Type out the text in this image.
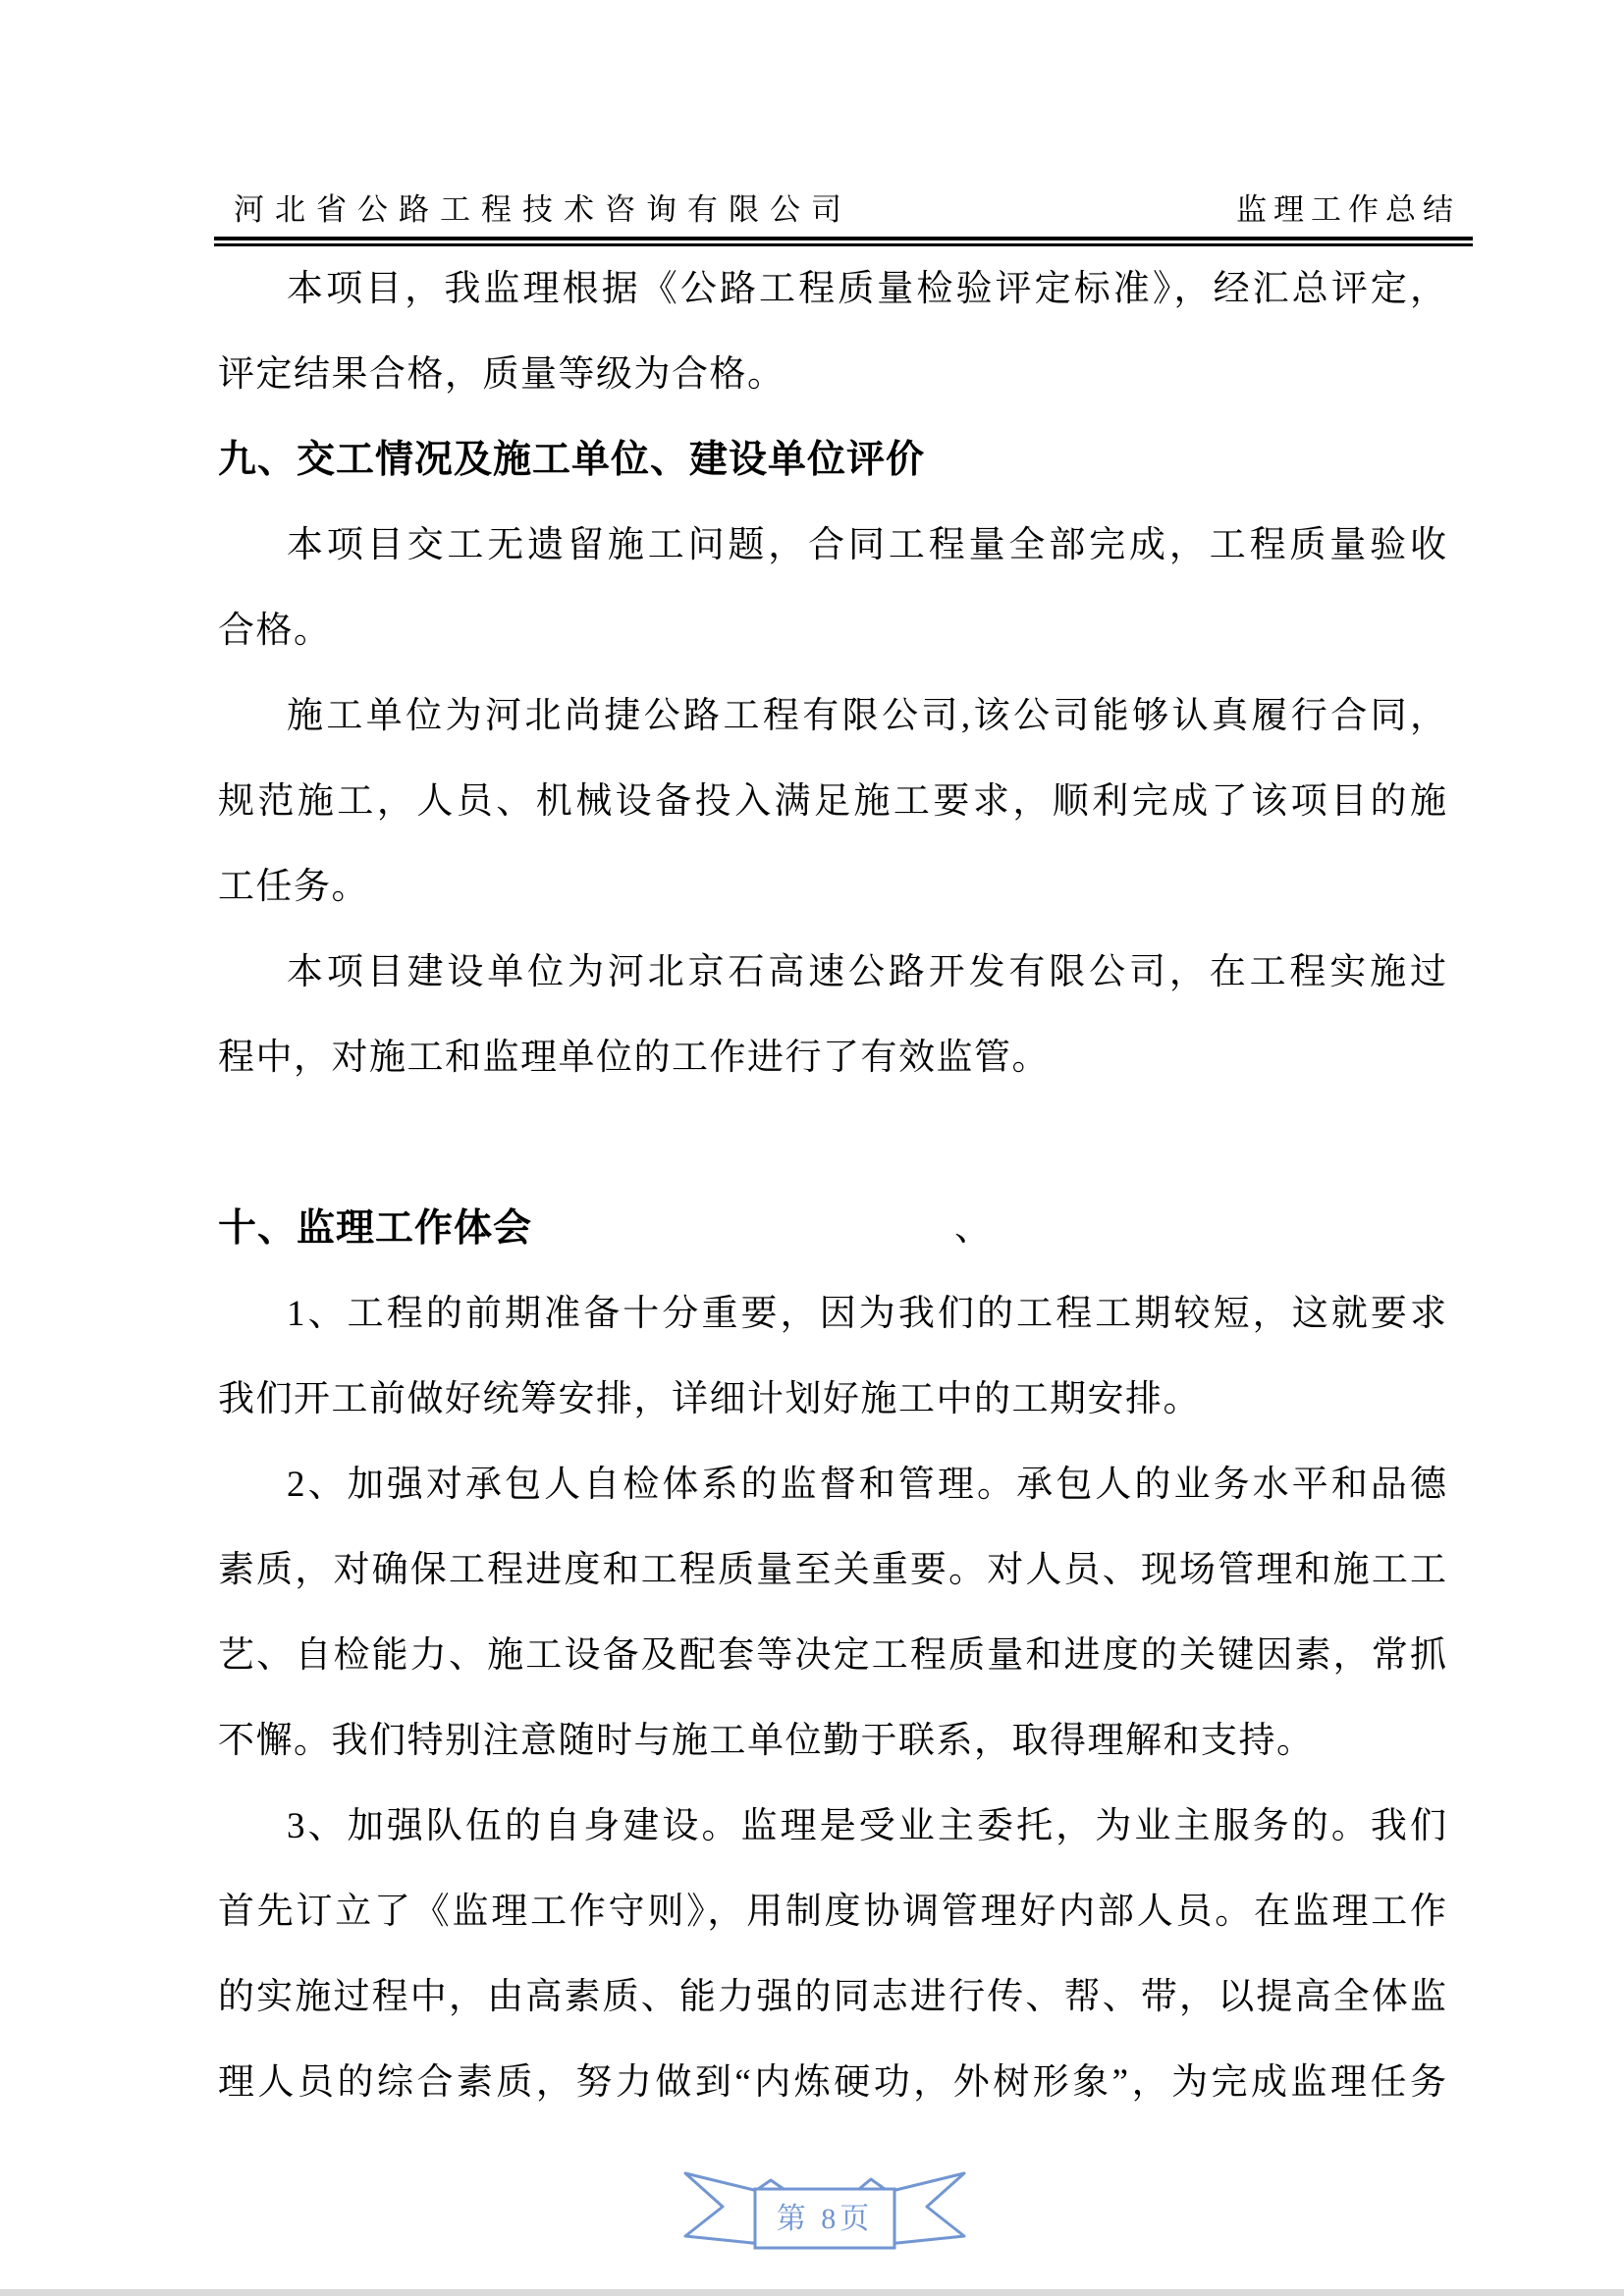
河北省公路工程技术咨询有限公司	监理工作总结
本项目，我监理根据《公路工程质量检验评定标准》，经汇总评定，
评定结果合格，质量等级为合格。
九、交工情况及施工单位、建设单位评价
本项目交工无遗留施工问题，合同工程量全部完成，工程质量验收
合格。
施工单位为河北尚捷公路工程有限公司,该公司能够认真履行合同，
规范施工，人员、机械设备投入满足施工要求，顺利完成了该项目的施
工任务。
本项目建设单位为河北京石高速公路开发有限公司，在工程实施过
程中，对施工和监理单位的工作进行了有效监管。
十、监理工作体会	、
1、工程的前期准备十分重要，因为我们的工程工期较短，这就要求
我们开工前做好统筹安排，详细计划好施工中的工期安排。
2、加强对承包人自检体系的监督和管理。承包人的业务水平和品德
素质，对确保工程进度和工程质量至关重要。对人员、现场管理和施工工
艺、自检能力、施工设备及配套等决定工程质量和进度的关键因素，常抓
不懈。我们特别注意随时与施工单位勤于联系，取得理解和支持。
3、加强队伍的自身建设。监理是受业主委托，为业主服务的。我们
首先订立了《监理工作守则》，用制度协调管理好内部人员。在监理工作
的实施过程中，由高素质、能力强的同志进行传、帮、带，以提高全体监
理人员的综合素质，努力做到“内炼硬功，外树形象”，为完成监理任务
第 8页
